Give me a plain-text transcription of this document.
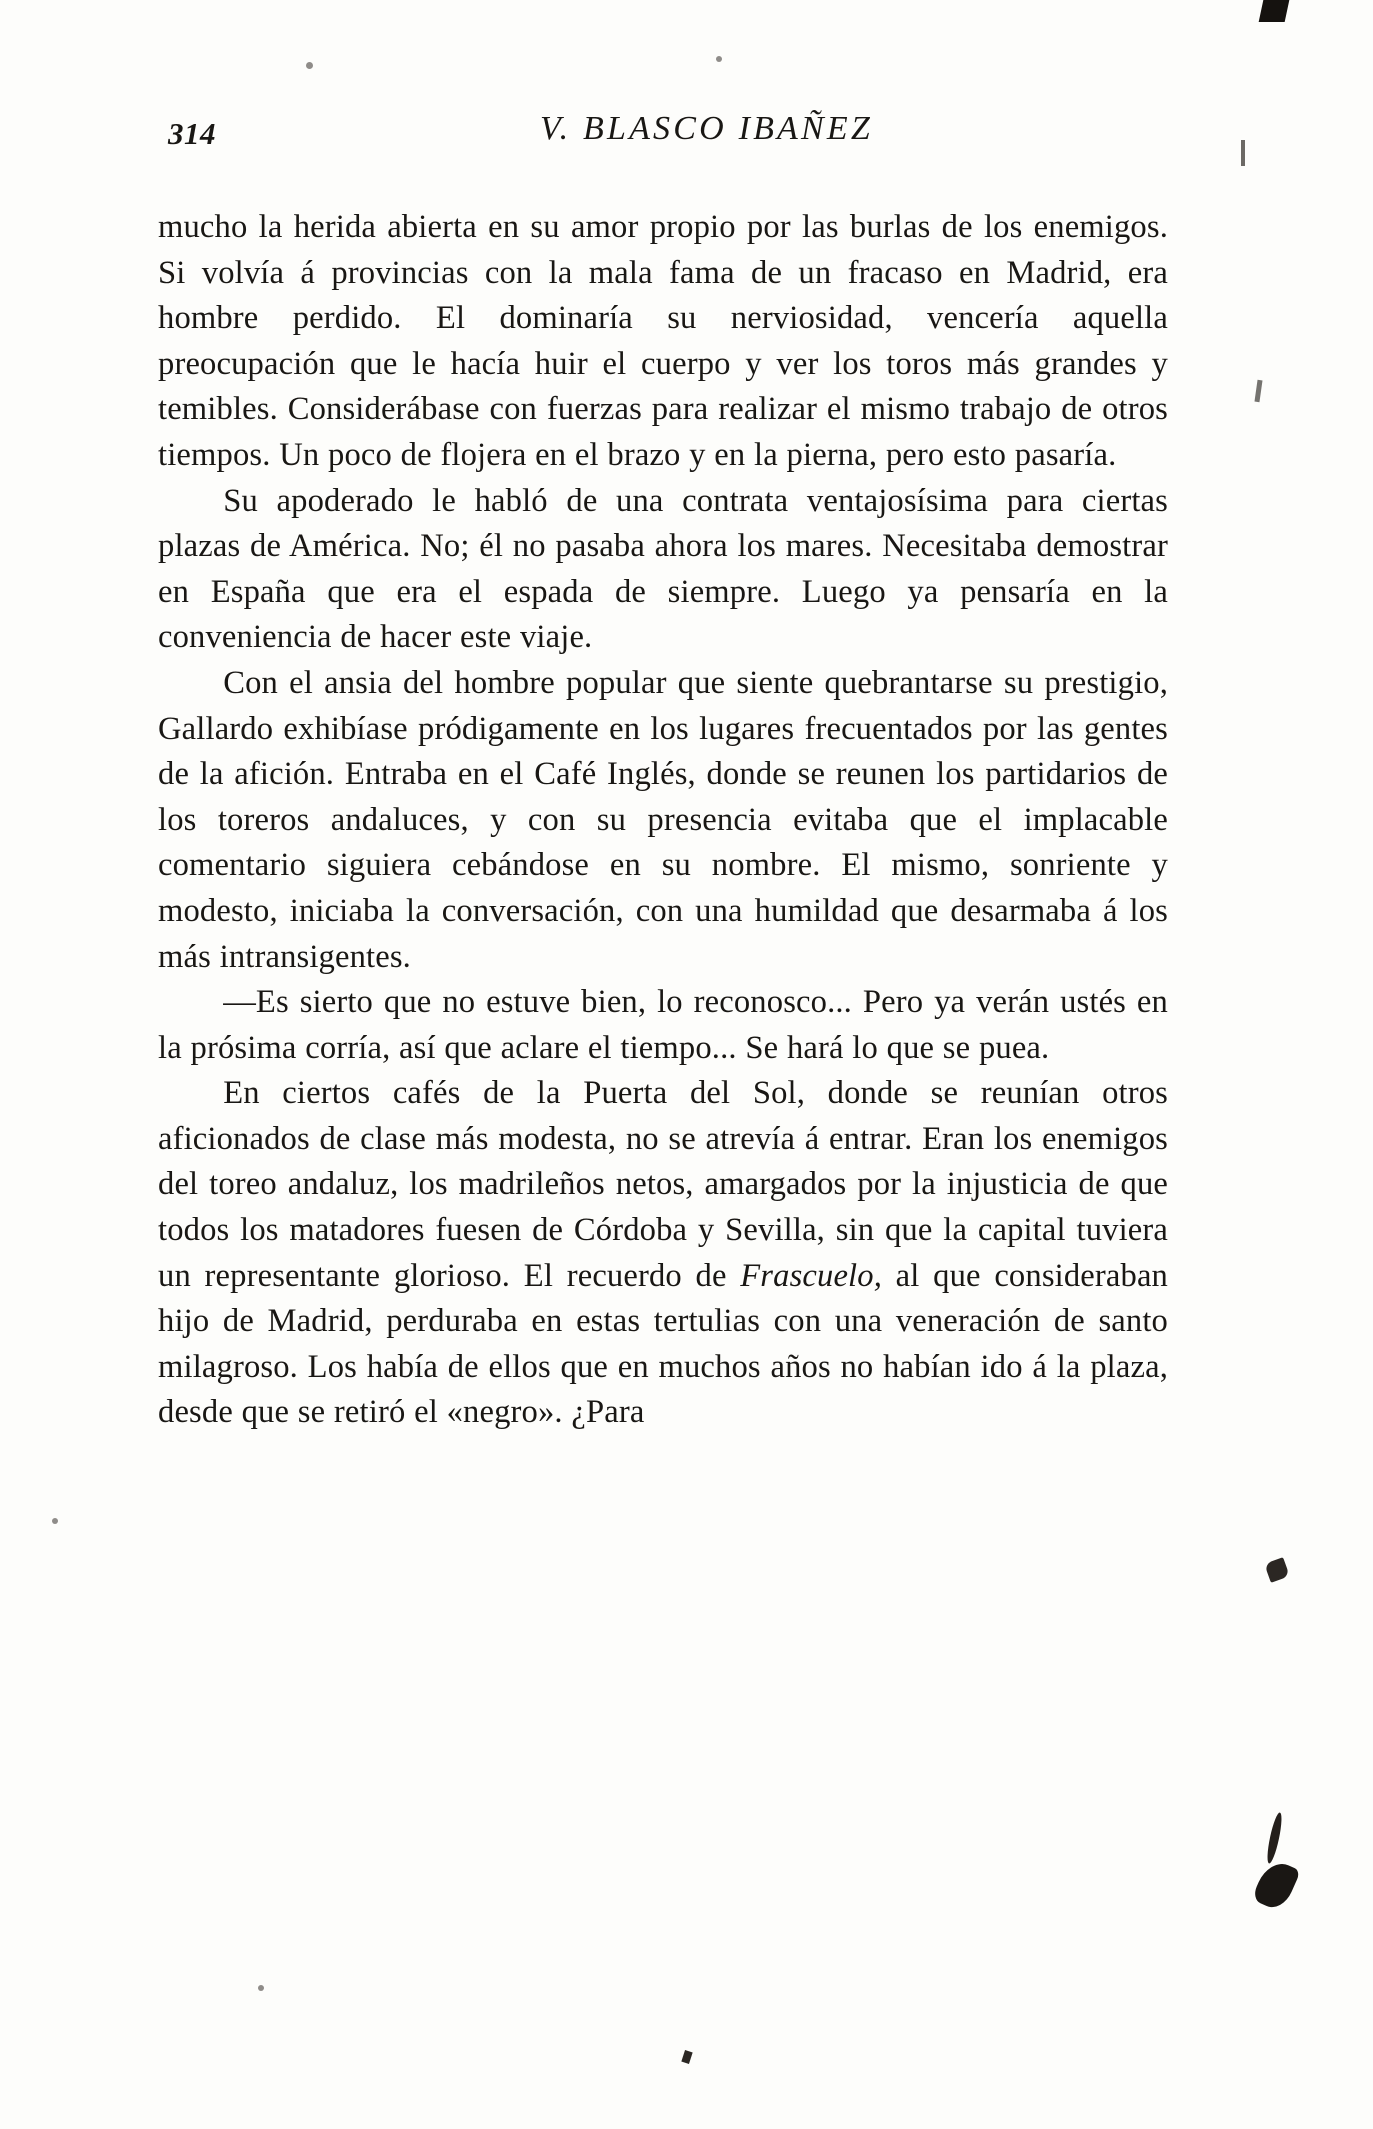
314	V. BLASCO IBAÑEZ

mucho la herida abierta en su amor propio por las burlas de los enemigos. Si volvía á provincias con la mala fama de un fracaso en Madrid, era hombre perdido. El dominaría su nerviosidad, vencería aquella preocupación que le hacía huir el cuerpo y ver los toros más grandes y temibles. Considerábase con fuerzas para realizar el mismo trabajo de otros tiempos. Un poco de flojera en el brazo y en la pierna, pero esto pasaría.

Su apoderado le habló de una contrata ventajosísima para ciertas plazas de América. No; él no pasaba ahora los mares. Necesitaba demostrar en España que era el espada de siempre. Luego ya pensaría en la conveniencia de hacer este viaje.

Con el ansia del hombre popular que siente quebrantarse su prestigio, Gallardo exhibíase pródigamente en los lugares frecuentados por las gentes de la afición. Entraba en el Café Inglés, donde se reunen los partidarios de los toreros andaluces, y con su presencia evitaba que el implacable comentario siguiera cebándose en su nombre. El mismo, sonriente y modesto, iniciaba la conversación, con una humildad que desarmaba á los más intransigentes.

—Es sierto que no estuve bien, lo reconosco... Pero ya verán ustés en la prósima corría, así que aclare el tiempo... Se hará lo que se puea.

En ciertos cafés de la Puerta del Sol, donde se reunían otros aficionados de clase más modesta, no se atrevía á entrar. Eran los enemigos del toreo andaluz, los madrileños netos, amargados por la injusticia de que todos los matadores fuesen de Córdoba y Sevilla, sin que la capital tuviera un representante glorioso. El recuerdo de Frascuelo, al que consideraban hijo de Madrid, perduraba en estas tertulias con una veneración de santo milagroso. Los había de ellos que en muchos años no habían ido á la plaza, desde que se retiró el «negro». ¿Para
